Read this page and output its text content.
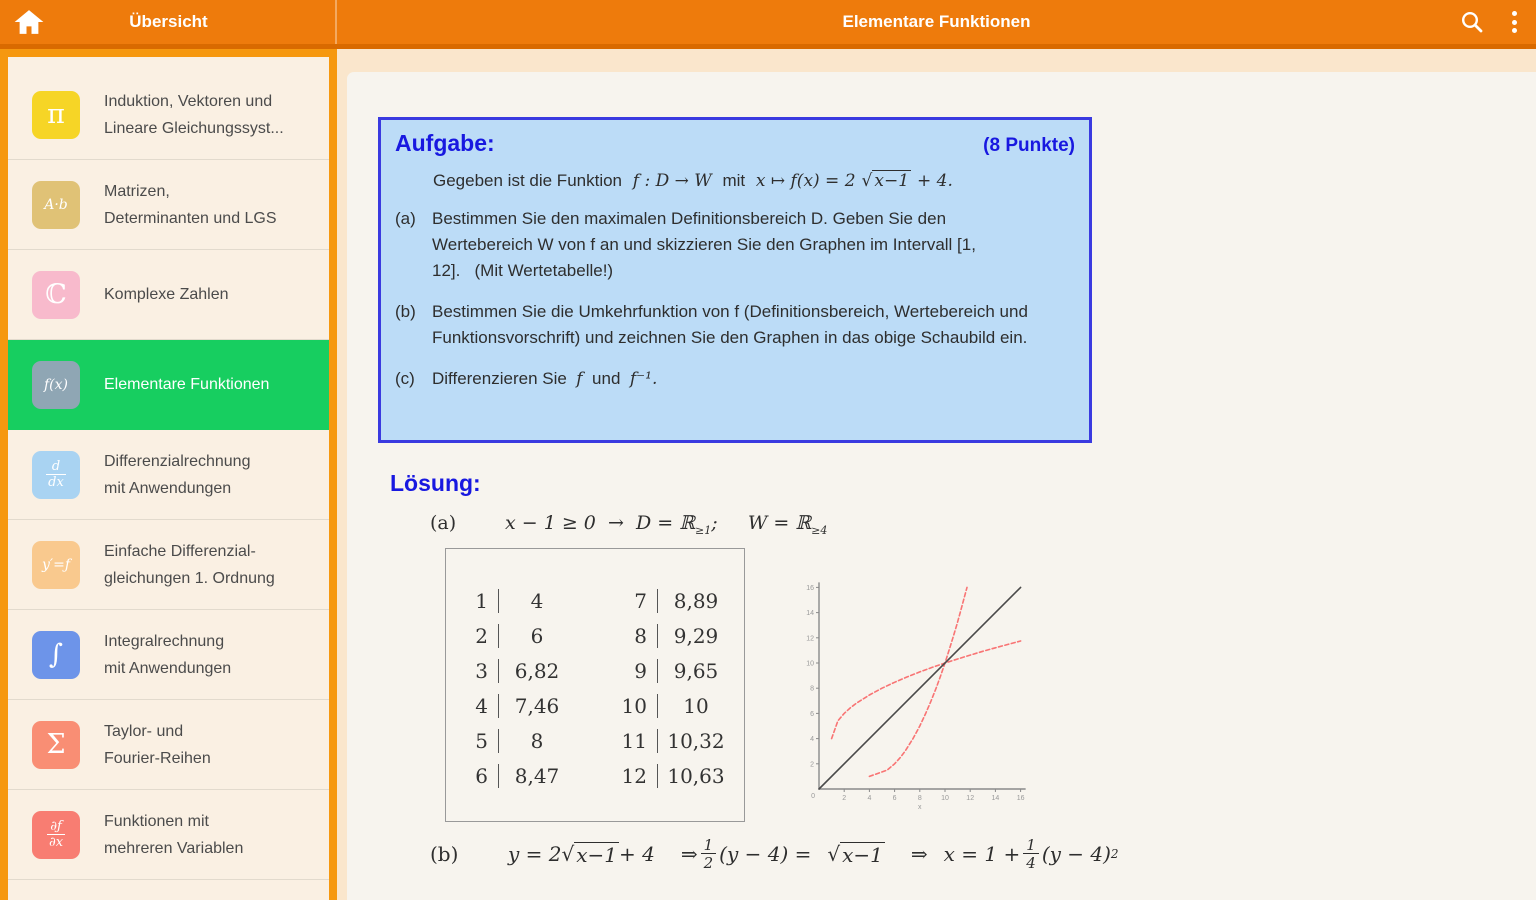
Übersicht	Elementare Funktionen
π	Induktion, Vektoren und
Lineare Gleichungssyst...
A·b
Matrizen,
Determinanten und LGS
ℂ	Komplexe Zahlen
f(x)	Elementare Funktionen
d
dx
Differenzialrechnung
mit Anwendungen
y′=ƒ
Einfache Differenzial-
gleichungen 1. Ordnung
∫	Integralrechnung
mit Anwendungen
Σ	Taylor- und
Fourier-Reihen
∂ƒ
∂x
Funktionen mit
mehreren Variablen
Aufgabe:	(8 Punkte)
Gegeben ist die Funktion f : D → W mit x ↦ f(x) = 2 √ x−1 + 4.
(a) Bestimmen Sie den maximalen Definitionsbereich D. Geben Sie den Wertebereich W von f an und skizzieren Sie den Graphen im Intervall [1, 12].   (Mit Wertetabelle!)
(b) Bestimmen Sie die Umkehrfunktion von f (Definitionsbereich, Wertebereich und Funktionsvorschrift) und zeichnen Sie den Graphen in das obige Schaubild ein.
(c)	Differenzieren Sie f und f⁻¹.
Lösung:
(a)	x − 1 ≥ 0  →  D = ℝ$_{\ge 1}$;     W = ℝ$_{\ge 4}$
1	4
2	6
3	6,82
4	7,46
5	8
6	8,47
7	8,89
8	9,29
9	9,65
10	10
11	10,32
12	10,63
2	4	6	8	10 12 14 16
2
4
6
8
10
12
14
16
0
x
(b)	y = 2 √ x−1 + 4 ⇒ $\frac{1}{2} (y - 4)$ = √ x−1 ⇒ $x = 1 + \frac{1}{4} (y - 4)$ 2
